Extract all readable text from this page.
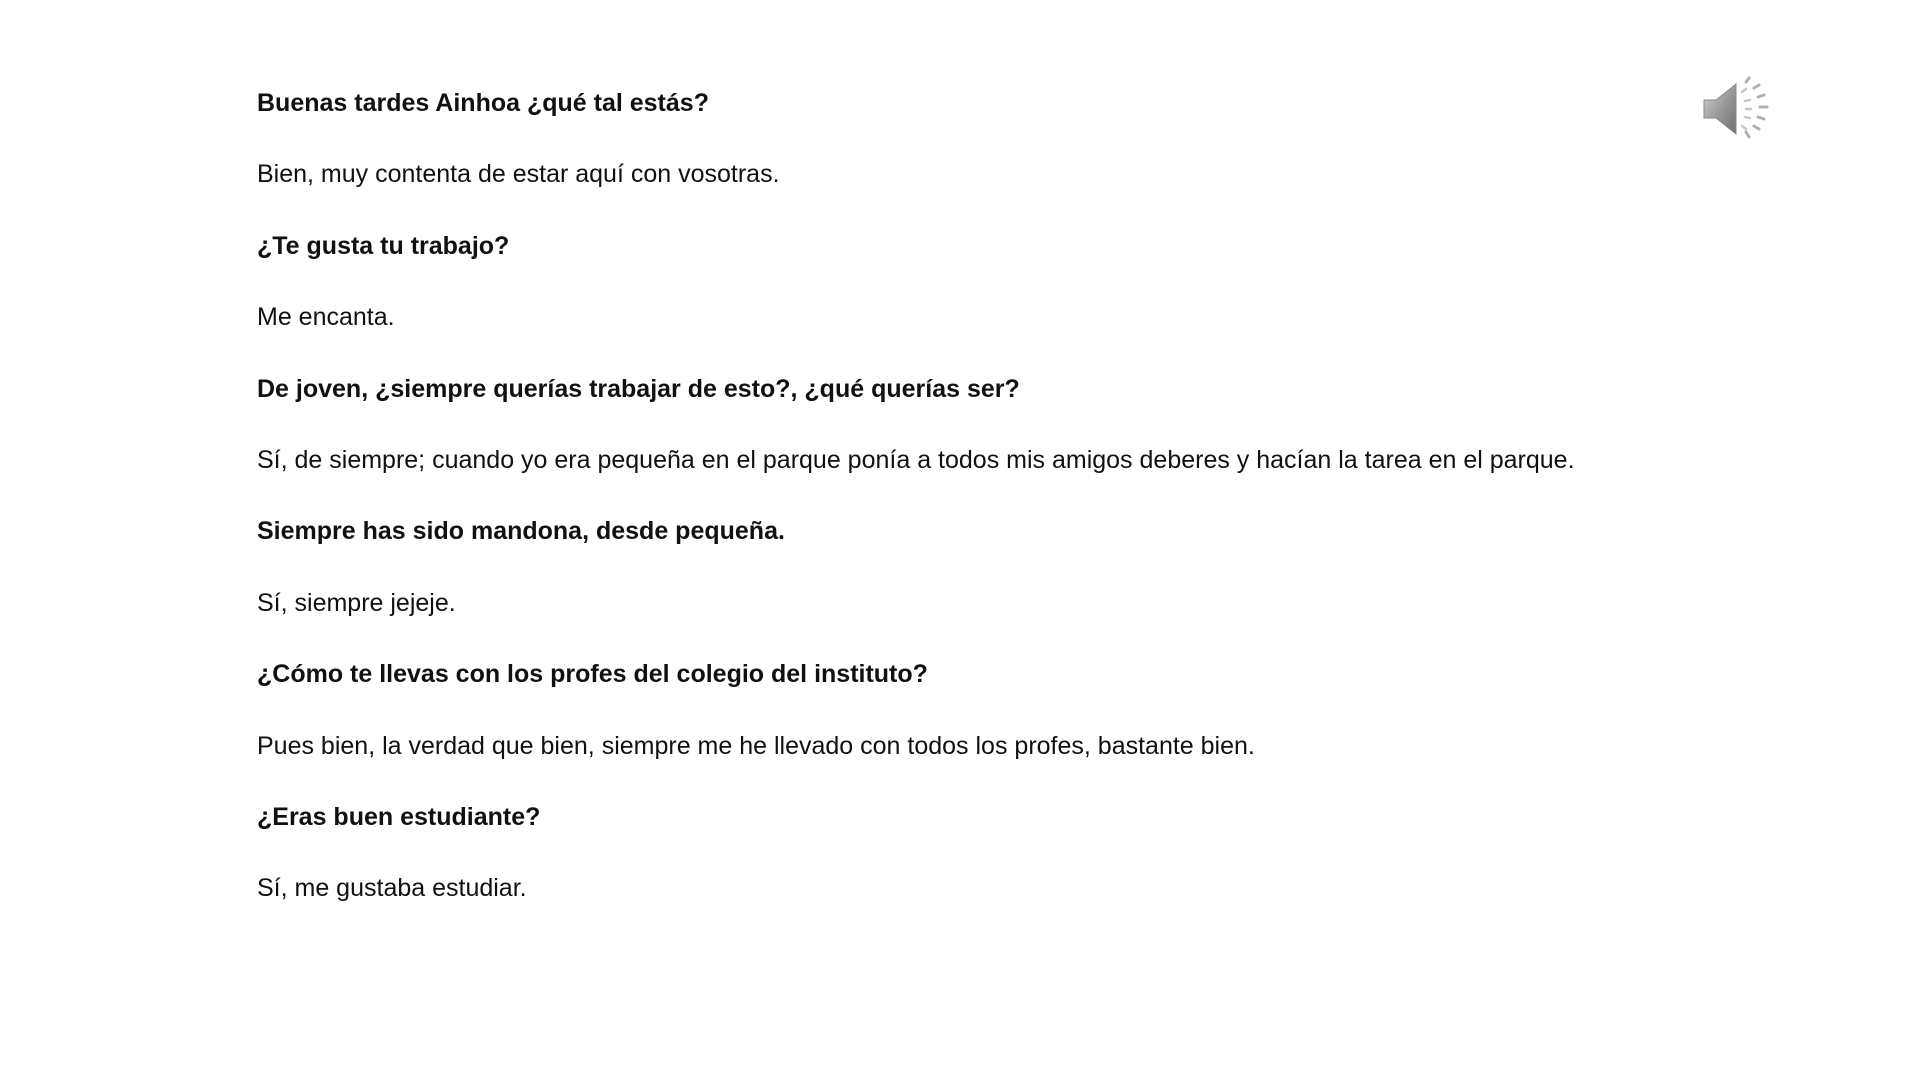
Buenas tardes Ainhoa ¿qué tal estás?
Bien, muy contenta de estar aquí con vosotras.
¿Te gusta tu trabajo?
Me encanta.
De joven, ¿siempre querías trabajar de esto?, ¿qué querías ser?
Sí, de siempre; cuando yo era pequeña en el parque ponía a todos mis amigos deberes y hacían la tarea en el parque.
Siempre has sido mandona, desde pequeña.
Sí, siempre jejeje.
¿Cómo te llevas con los profes del colegio del instituto?
Pues bien, la verdad que bien, siempre me he llevado con todos los profes, bastante bien.
¿Eras buen estudiante?
Sí, me gustaba estudiar.
